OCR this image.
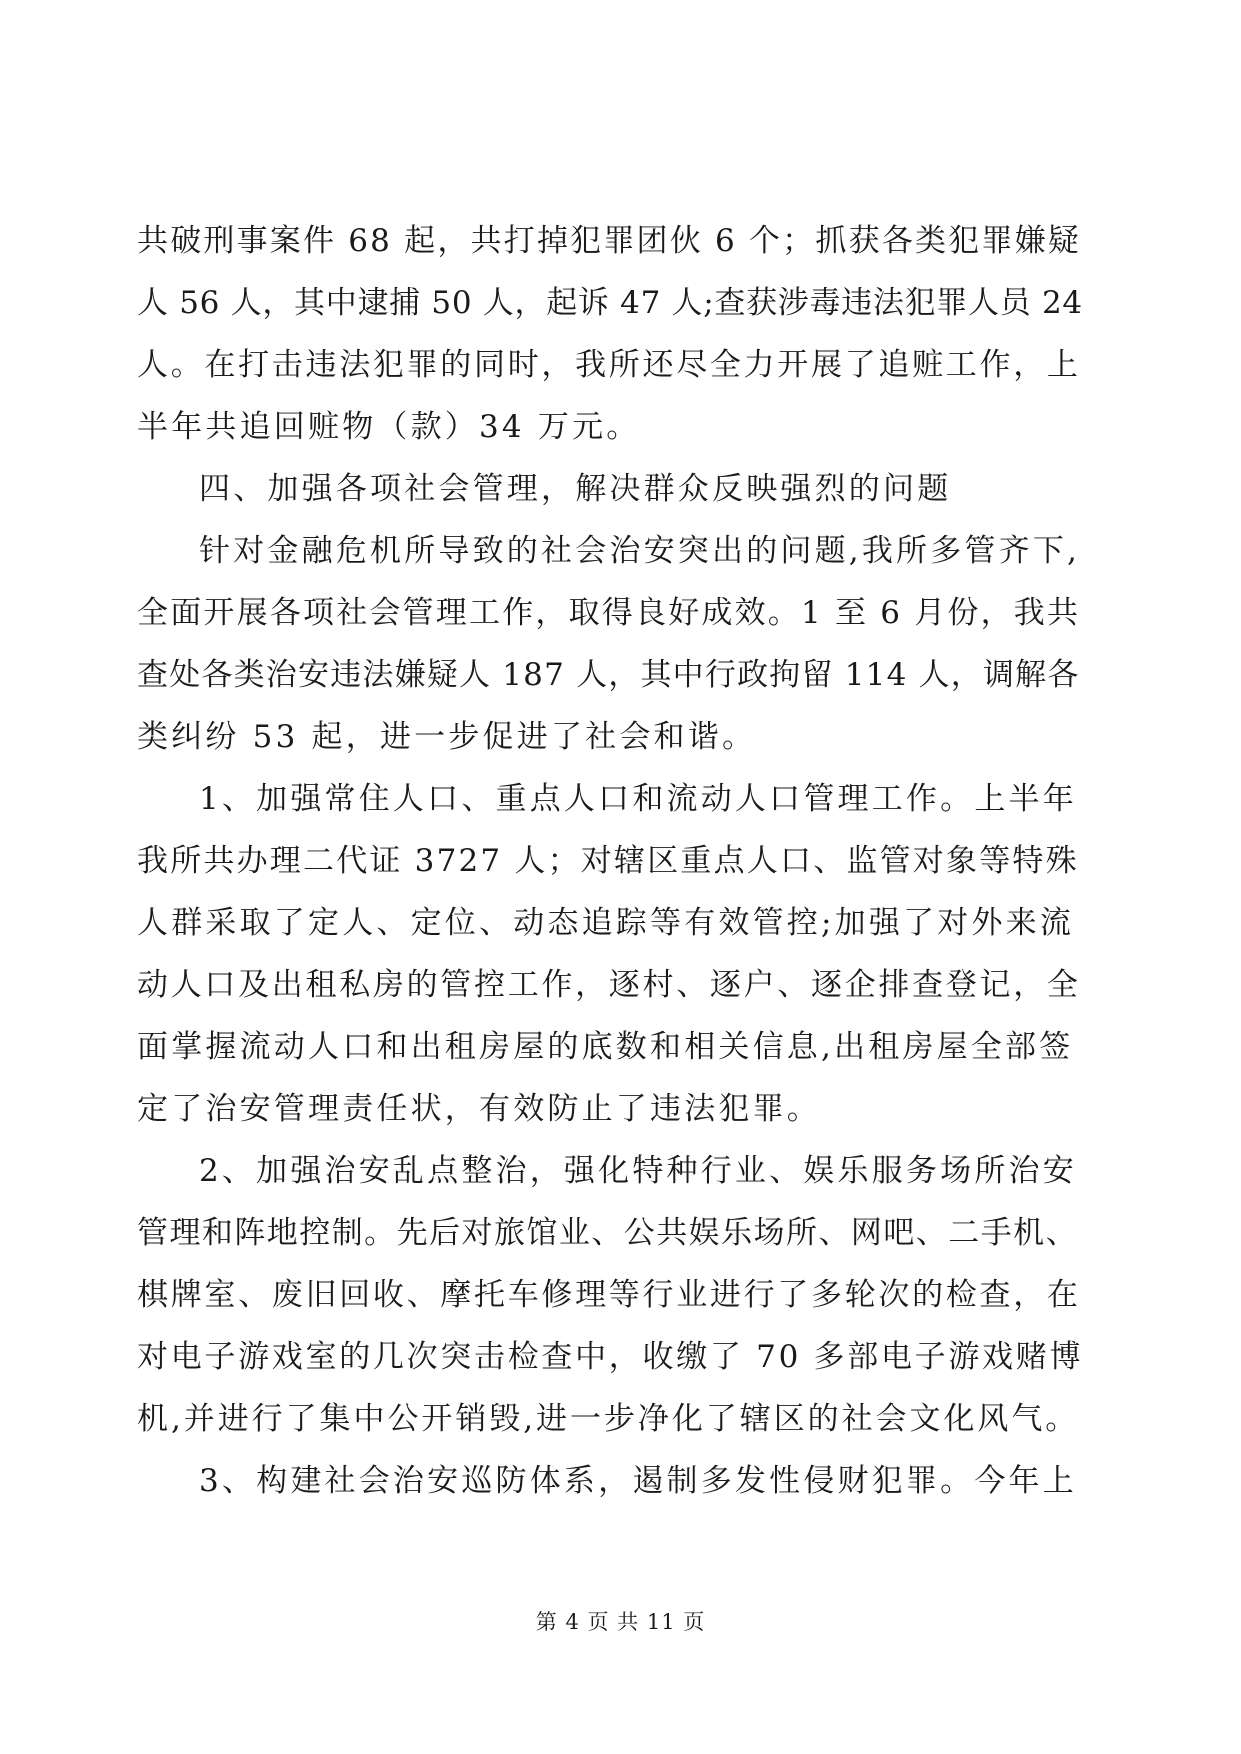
共破刑事案件 68 起，共打掉犯罪团伙 6 个；抓获各类犯罪嫌疑
人 56 人，其中逮捕 50 人，起诉 47 人;查获涉毒违法犯罪人员 24
人。在打击违法犯罪的同时，我所还尽全力开展了追赃工作，上
半年共追回赃物（款）34 万元。
四、加强各项社会管理，解决群众反映强烈的问题
针对金融危机所导致的社会治安突出的问题,我所多管齐下,
全面开展各项社会管理工作，取得良好成效。1 至 6 月份，我共
查处各类治安违法嫌疑人 187 人，其中行政拘留 114 人，调解各
类纠纷 53 起，进一步促进了社会和谐。
1、加强常住人口、重点人口和流动人口管理工作。上半年
我所共办理二代证 3727 人；对辖区重点人口、监管对象等特殊
人群采取了定人、定位、动态追踪等有效管控;加强了对外来流
动人口及出租私房的管控工作，逐村、逐户、逐企排查登记，全
面掌握流动人口和出租房屋的底数和相关信息,出租房屋全部签
定了治安管理责任状，有效防止了违法犯罪。
2、加强治安乱点整治，强化特种行业、娱乐服务场所治安
管理和阵地控制。先后对旅馆业、公共娱乐场所、网吧、二手机、
棋牌室、废旧回收、摩托车修理等行业进行了多轮次的检查，在
对电子游戏室的几次突击检查中，收缴了 70 多部电子游戏赌博
机,并进行了集中公开销毁,进一步净化了辖区的社会文化风气。
3、构建社会治安巡防体系，遏制多发性侵财犯罪。今年上
第 4 页 共 11 页
